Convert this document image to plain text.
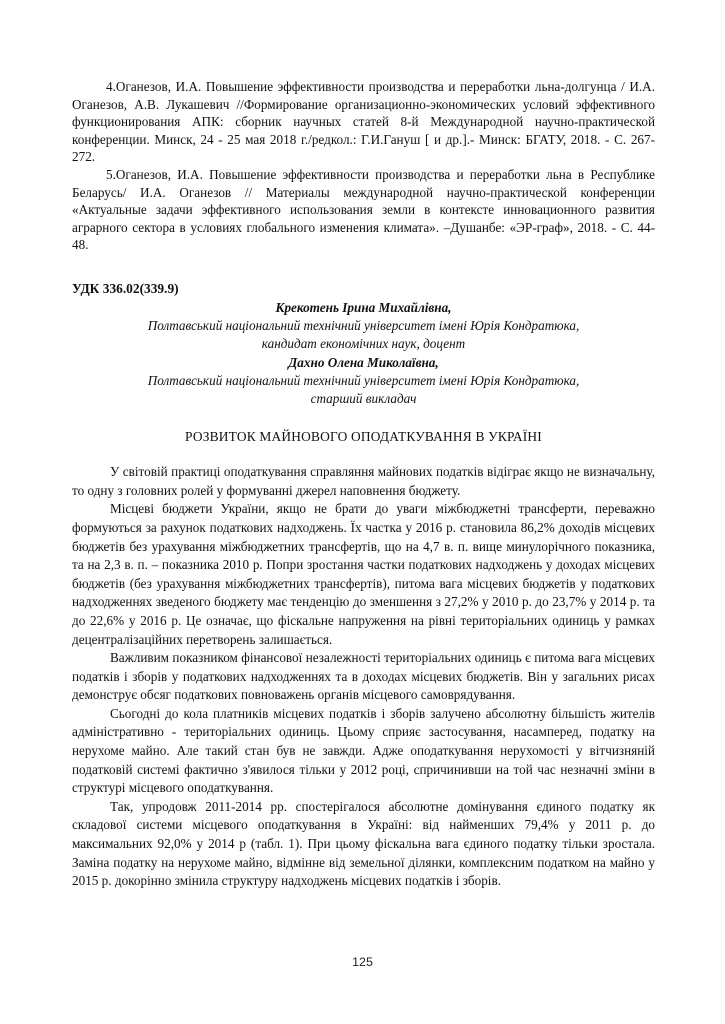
4.Оганезов, И.А. Повышение эффективности производства и переработки льна-долгунца / И.А. Оганезов, А.В. Лукашевич //Формирование организационно-экономических условий эффективного функционирования АПК: сборник научных статей 8-й Международной научно-практической конференции. Минск, 24 - 25 мая 2018 г./редкол.: Г.И.Гануш [ и др.].- Минск: БГАТУ, 2018. - С. 267-272.
5.Оганезов, И.А. Повышение эффективности производства и переработки льна в Республике Беларусь/ И.А. Оганезов // Материалы международной научно-практической конференции «Актуальные задачи эффективного использования земли в контексте инновационного развития аграрного сектора в условиях глобального изменения климата». –Душанбе: «ЭР-граф», 2018. - С. 44-48.
УДК 336.02(339.9)
Крекотень Ірина Михайлівна,
Полтавський національний технічний університет імені Юрія Кондратюка,
кандидат економічних наук, доцент
Дахно Олена Миколаївна,
Полтавський національний технічний університет імені Юрія Кондратюка,
старший викладач
РОЗВИТОК МАЙНОВОГО ОПОДАТКУВАННЯ В УКРАЇНІ

У світовій практиці оподаткування справляння майнових податків відіграє якщо не визначальну, то одну з головних ролей у формуванні джерел наповнення бюджету.

Місцеві бюджети України, якщо не брати до уваги міжбюджетні трансферти, переважно формуються за рахунок податкових надходжень. Їх частка у 2016 р. становила 86,2% доходів місцевих бюджетів без урахування міжбюджетних трансфертів, що на 4,7 в. п. вище минулорічного показника, та на 2,3 в. п. – показника 2010 р. Попри зростання частки податкових надходжень у доходах місцевих бюджетів (без урахування міжбюджетних трансфертів), питома вага місцевих бюджетів у податкових надходженнях зведеного бюджету має тенденцію до зменшення з 27,2% у 2010 р. до 23,7% у 2014 р. та до 22,6% у 2016 р. Це означає, що фіскальне напруження на рівні територіальних одиниць у рамках децентралізаційних перетворень залишається.

Важливим показником фінансової незалежності територіальних одиниць є питома вага місцевих податків і зборів у податкових надходженнях та в доходах місцевих бюджетів. Він у загальних рисах демонструє обсяг податкових повноважень органів місцевого самоврядування.

Сьогодні до кола платників місцевих податків і зборів залучено абсолютну більшість жителів адміністративно - територіальних одиниць. Цьому сприяє застосування, насамперед, податку на нерухоме майно. Але такий стан був не завжди. Адже оподаткування нерухомості у вітчизняній податковій системі фактично з'явилося тільки у 2012 році, спричинивши на той час незначні зміни в структурі місцевого оподаткування.

Так, упродовж 2011-2014 рр. спостерігалося абсолютне домінування єдиного податку як складової системи місцевого оподаткування в Україні: від найменших 79,4% у 2011 р. до максимальних 92,0% у 2014 р (табл. 1). При цьому фіскальна вага єдиного податку тільки зростала. Заміна податку на нерухоме майно, відмінне від земельної ділянки, комплексним податком на майно у 2015 р. докорінно змінила структуру надходжень місцевих податків і зборів.

125
